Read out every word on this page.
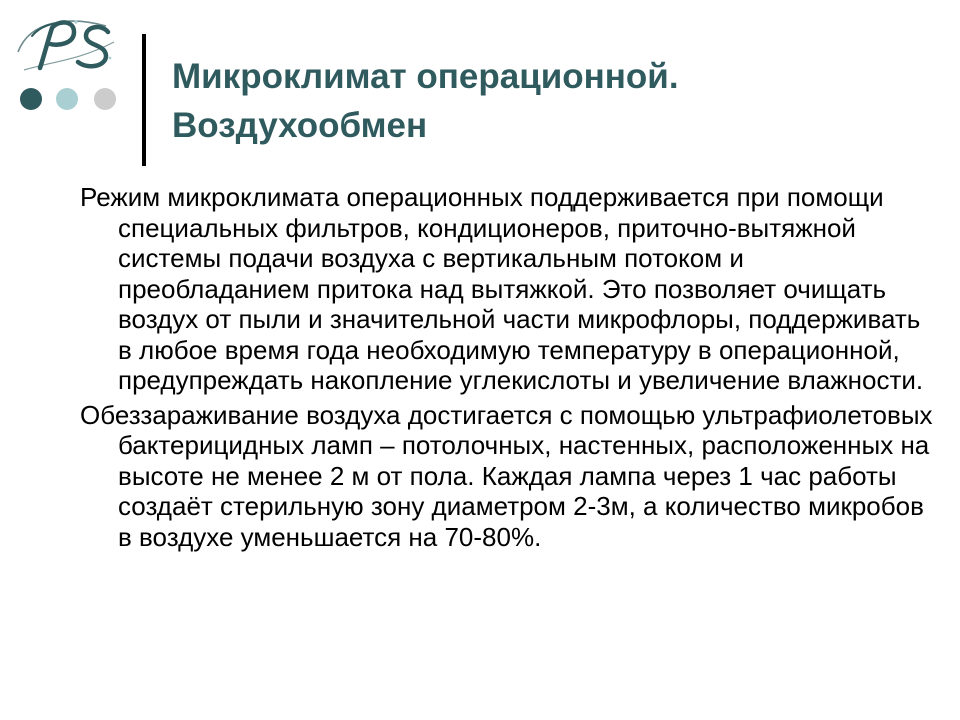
Микроклимат операционной.
Воздухообмен
Режим микроклимата операционных поддерживается при помощи специальных фильтров, кондиционеров, приточно-вытяжной системы подачи воздуха с вертикальным потоком и преобладанием притока над вытяжкой. Это позволяет очищать воздух от пыли и значительной части микрофлоры, поддерживать в любое время года необходимую температуру в операционной, предупреждать накопление углекислоты и увеличение влажности.
Обеззараживание воздуха достигается с помощью ультрафиолетовых бактерицидных ламп – потолочных, настенных, расположенных на высоте не менее 2 м от пола. Каждая лампа через 1 час работы создаёт стерильную зону диаметром 2-3м, а количество микробов в воздухе уменьшается на 70-80%.
